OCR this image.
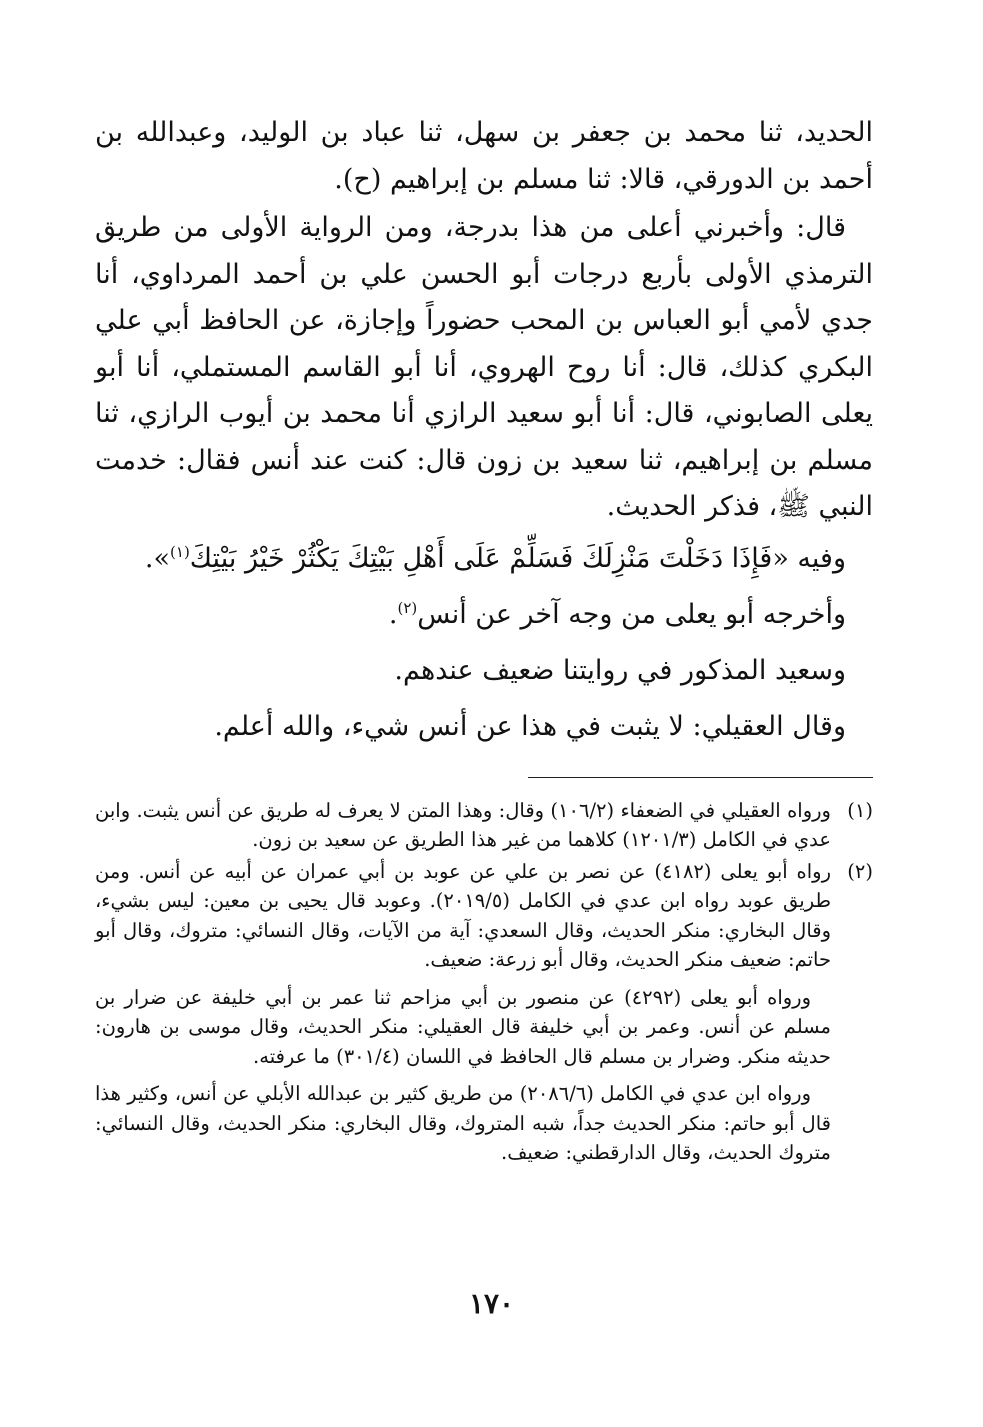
الحديد، ثنا محمد بن جعفر بن سهل، ثنا عباد بن الوليد، وعبدالله بن أحمد بن الدورقي، قالا: ثنا مسلم بن إبراهيم (ح).

قال: وأخبرني أعلى من هذا بدرجة، ومن الرواية الأولى من طريق الترمذي الأولى بأربع درجات أبو الحسن علي بن أحمد المرداوي، أنا جدي لأمي أبو العباس بن المحب حضوراً وإجازة، عن الحافظ أبي علي البكري كذلك، قال: أنا روح الهروي، أنا أبو القاسم المستملي، أنا أبو يعلى الصابوني، قال: أنا أبو سعيد الرازي أنا محمد بن أيوب الرازي، ثنا مسلم بن إبراهيم، ثنا سعيد بن زون قال: كنت عند أنس فقال: خدمت النبي ﷺ، فذكر الحديث.

وفيه «فَإِذَا دَخَلْتَ مَنْزِلَكَ فَسَلِّمْ عَلَى أَهْلِ بَيْتِكَ يَكْثُرْ خَيْرُ بَيْتِكَ$^{(١)}$».

وأخرجه أبو يعلى من وجه آخر عن أنس$^{(٢)}$.

وسعيد المذكور في روايتنا ضعيف عندهم.

وقال العقيلي: لا يثبت في هذا عن أنس شيء، والله أعلم.

(١)

ورواه العقيلي في الضعفاء (١٠٦/٢) وقال: وهذا المتن لا يعرف له طريق عن أنس يثبت. وابن عدي في الكامل (١٢٠١/٣) كلاهما من غير هذا الطريق عن سعيد بن زون.

(٢)

رواه أبو يعلى (٤١٨٢) عن نصر بن علي عن عوبد بن أبي عمران عن أبيه عن أنس. ومن طريق عوبد رواه ابن عدي في الكامل (٢٠١٩/٥). وعوبد قال يحيى بن معين: ليس بشيء، وقال البخاري: منكر الحديث، وقال السعدي: آية من الآيات، وقال النسائي: متروك، وقال أبو حاتم: ضعيف منكر الحديث، وقال أبو زرعة: ضعيف.

ورواه أبو يعلى (٤٢٩٢) عن منصور بن أبي مزاحم ثنا عمر بن أبي خليفة عن ضرار بن مسلم عن أنس. وعمر بن أبي خليفة قال العقيلي: منكر الحديث، وقال موسى بن هارون: حديثه منكر. وضرار بن مسلم قال الحافظ في اللسان (٣٠١/٤) ما عرفته.

ورواه ابن عدي في الكامل (٢٠٨٦/٦) من طريق كثير بن عبدالله الأبلي عن أنس، وكثير هذا قال أبو حاتم: منكر الحديث جداً، شبه المتروك، وقال البخاري: منكر الحديث، وقال النسائي: متروك الحديث، وقال الدارقطني: ضعيف.

١٧٠
